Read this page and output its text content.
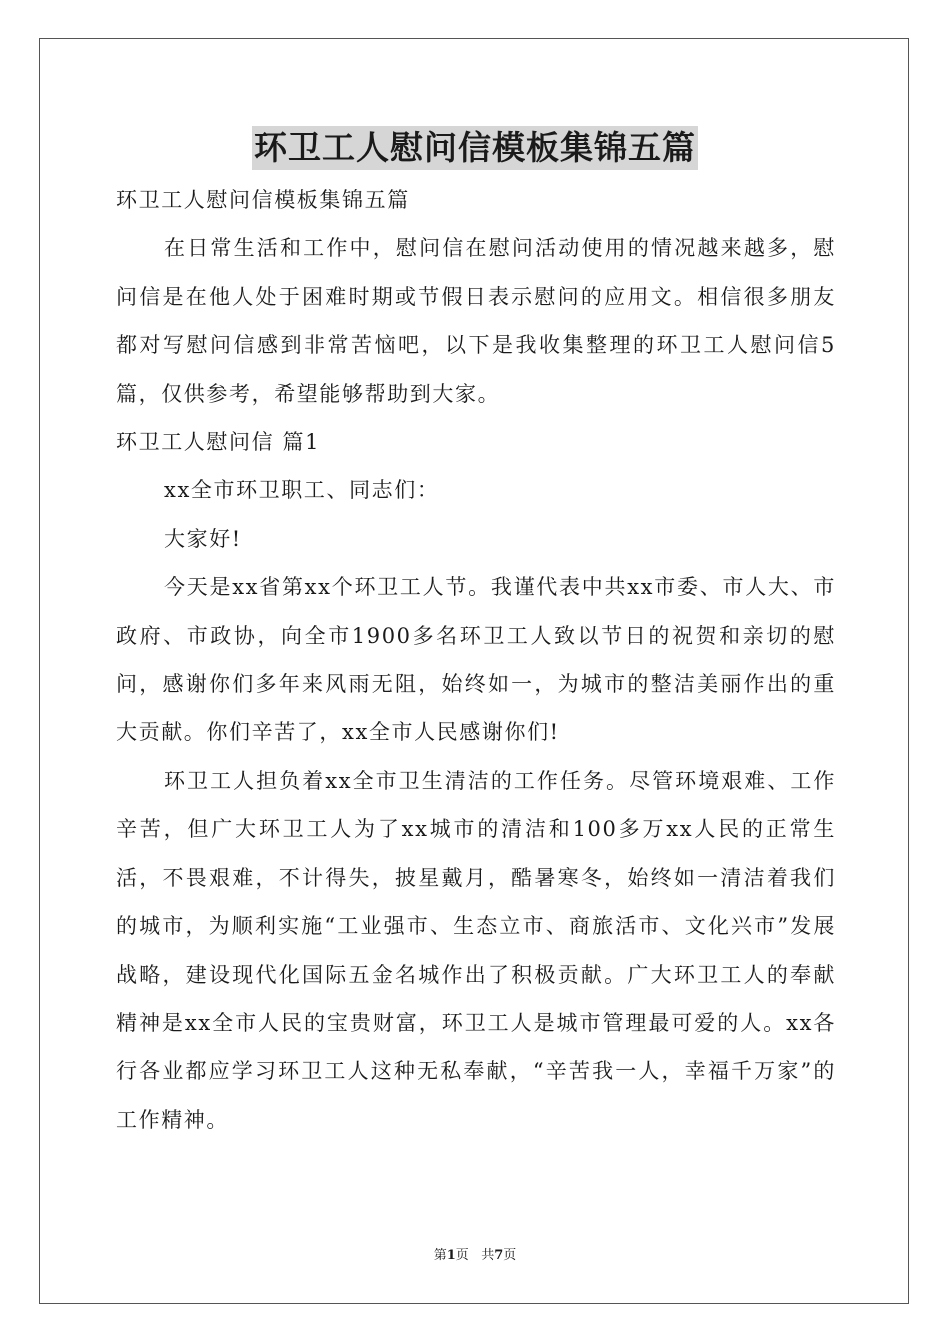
环卫工人慰问信模板集锦五篇
环卫工人慰问信模板集锦五篇

在日常生活和工作中，慰问信在慰问活动使用的情况越来越多，慰问信是在他人处于困难时期或节假日表示慰问的应用文。相信很多朋友都对写慰问信感到非常苦恼吧，以下是我收集整理的环卫工人慰问信5篇，仅供参考，希望能够帮助到大家。

环卫工人慰问信 篇1

xx全市环卫职工、同志们：

大家好!

今天是xx省第xx个环卫工人节。我谨代表中共xx市委、市人大、市政府、市政协，向全市1900多名环卫工人致以节日的祝贺和亲切的慰问，感谢你们多年来风雨无阻，始终如一，为城市的整洁美丽作出的重大贡献。你们辛苦了，xx全市人民感谢你们!

环卫工人担负着xx全市卫生清洁的工作任务。尽管环境艰难、工作辛苦，但广大环卫工人为了xx城市的清洁和100多万xx人民的正常生活，不畏艰难，不计得失，披星戴月，酷暑寒冬，始终如一清洁着我们的城市，为顺利实施“工业强市、生态立市、商旅活市、文化兴市”发展战略，建设现代化国际五金名城作出了积极贡献。广大环卫工人的奉献精神是xx全市人民的宝贵财富，环卫工人是城市管理最可爱的人。xx各行各业都应学习环卫工人这种无私奉献，“辛苦我一人，幸福千万家”的工作精神。

第1页   共7页
